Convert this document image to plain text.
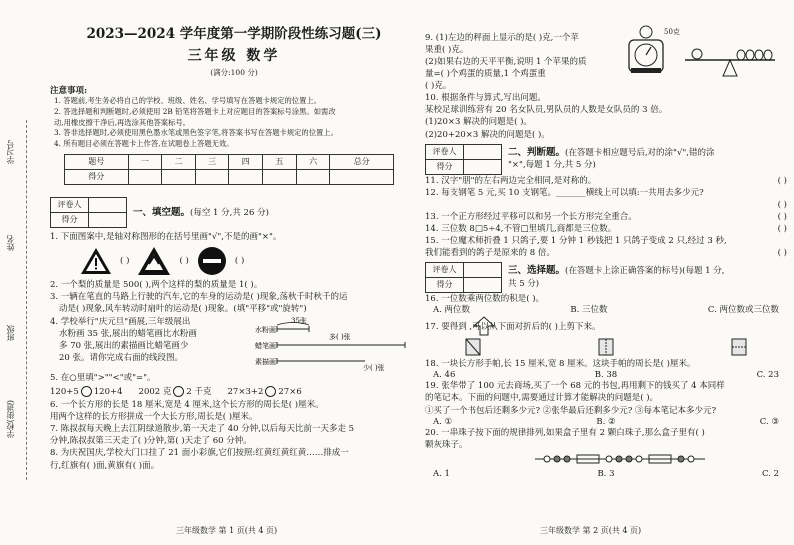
学习号
姓名
班级
学校(街道)
2023—2024 学年度第一学期阶段性练习题(三)
三年级 数学
(满分:100 分)
注意事项:

1. 答题前,考生务必将自己的学校、班级、姓名、学号填写在答题卡规定的位置上。

2. 答选择题和判断题时,必须使用 2B 铅笔将答题卡上对应题目的答案标号涂黑。如需改

动,用橡皮擦干净后,再选涂其他答案标号。

3. 答非选择题时,必须使用黑色墨水笔或黑色签字笔,将答案书写在答题卡规定的位置上。

4. 所有题目必须在答题卡上作答,在试题卷上答题无效。

题号	一	二	三	四	五	六	总分
得分							
评卷人	
得分	
一、填空题。 (每空 1 分,共 26 分)
1. 下面图案中,是轴对称图形的在括号里画"√",不是的画"×"。
( )	( )	( )
2. 一个梨的质量是 500( ),两个这样的梨的质量是 1( )。
3. 一辆在笔直的马路上行驶的汽车,它的车身的运动是( )现象,荡秋千时秋千的运
动是( )现象,风车转动时扇叶的运动是( )现象。(填"平移"或"旋转")
4. 学校举行"庆元旦"画展,三年级展出
水粉画 35 张,展出的蜡笔画比水粉画
多 70 张,展出的素描画比蜡笔画少
20 张。请你完成右面的线段图。
35张
水粉画
蜡笔画
多( )张
素描画
少( )张
5. 在○里填">""<"或"="。
120+5 120+4 2002 克 2 千克 27×3+2 27×6
6. 一个长方形的长是 18 厘米,宽是 4 厘米,这个长方形的周长是( )厘米。
用两个这样的长方形拼成一个大长方形,周长是( )厘米。
7. 陈叔叔每天晚上去江阴绿道散步,第一天走了 40 分钟,以后每天比前一天多走 5
分钟,陈叔叔第三天走了( )分钟,第( )天走了 60 分钟。
8. 为庆祝国庆,学校大门口挂了 21 面小彩旗,它们按照:红黄红黄红黄……排成一
行,红旗有( )面,黄旗有( )面。
三年级数学 第 1 页(共 4 页)
9. (1)左边的秤面上显示的是( )克,一个苹
果重( )克。
(2)如果右边的天平平衡,说明 1 个苹果的质
量=( )个鸡蛋的质量,1 个鸡蛋重
( )克。
50克
10. 根据条件与算式,写出问题。
某校足球训练营有 20 名女队员,男队员的人数是女队员的 3 倍。
(1)20×3 解决的问题是( )。
(2)20+20×3 解决的问题是( )。
评卷人	
得分	
二、判断题。(在答题卡相应题号后,对的涂"√",错的涂
"×",每题 1 分,共 5 分)
11. 汉字"朋"的左右两边完全相同,是对称的。	( )
12. 每支钢笔 5 元,买 10 支钢笔。_______横线上可以填:一共用去多少元?
( )
13. 一个正方形经过平移可以和另一个长方形完全重合。	( )
14. 三位数 8□5÷4,不管□里填几,商都是三位数。	( )
15. 一位魔术师折叠 1 只鸽子,要 1 分钟 1 秒钱把 1 只鸽子变成 2 只,经过 3 秒,
我们能看到的鸽子是原来的 8 倍。	( )
评卷人	
得分	
三、选择题。(在答题卡上涂正确答案的标号)(每题 1 分,
共 5 分)
16. 一位数乘两位数的积是( )。
A. 两位数	B. 三位数	C. 两位数或三位数
17. 要得到 ,可以从下面对折后的( )上剪下来。
18. 一块长方形手帕,长 15 厘米,宽 8 厘米。这块手帕的周长是( )厘米。
A. 46	B. 38	C. 23
19. 张华带了 100 元去商场,买了一个 68 元的书包,再用剩下的钱买了 4 本同样
的笔记本。下面的问题中,需要通过计算才能解决的问题是( )。
①买了一个书包后还剩多少元? ②张华最后还剩多少元? ③每本笔记本多少元?
A. ①	B. ②	C. ③
20. 一串珠子按下面的规律排列,如果盒子里有 2 颗白珠子,那么盒子里有( )
颗灰珠子。
A. 1	B. 3	C. 2
三年级数学 第 2 页(共 4 页)
